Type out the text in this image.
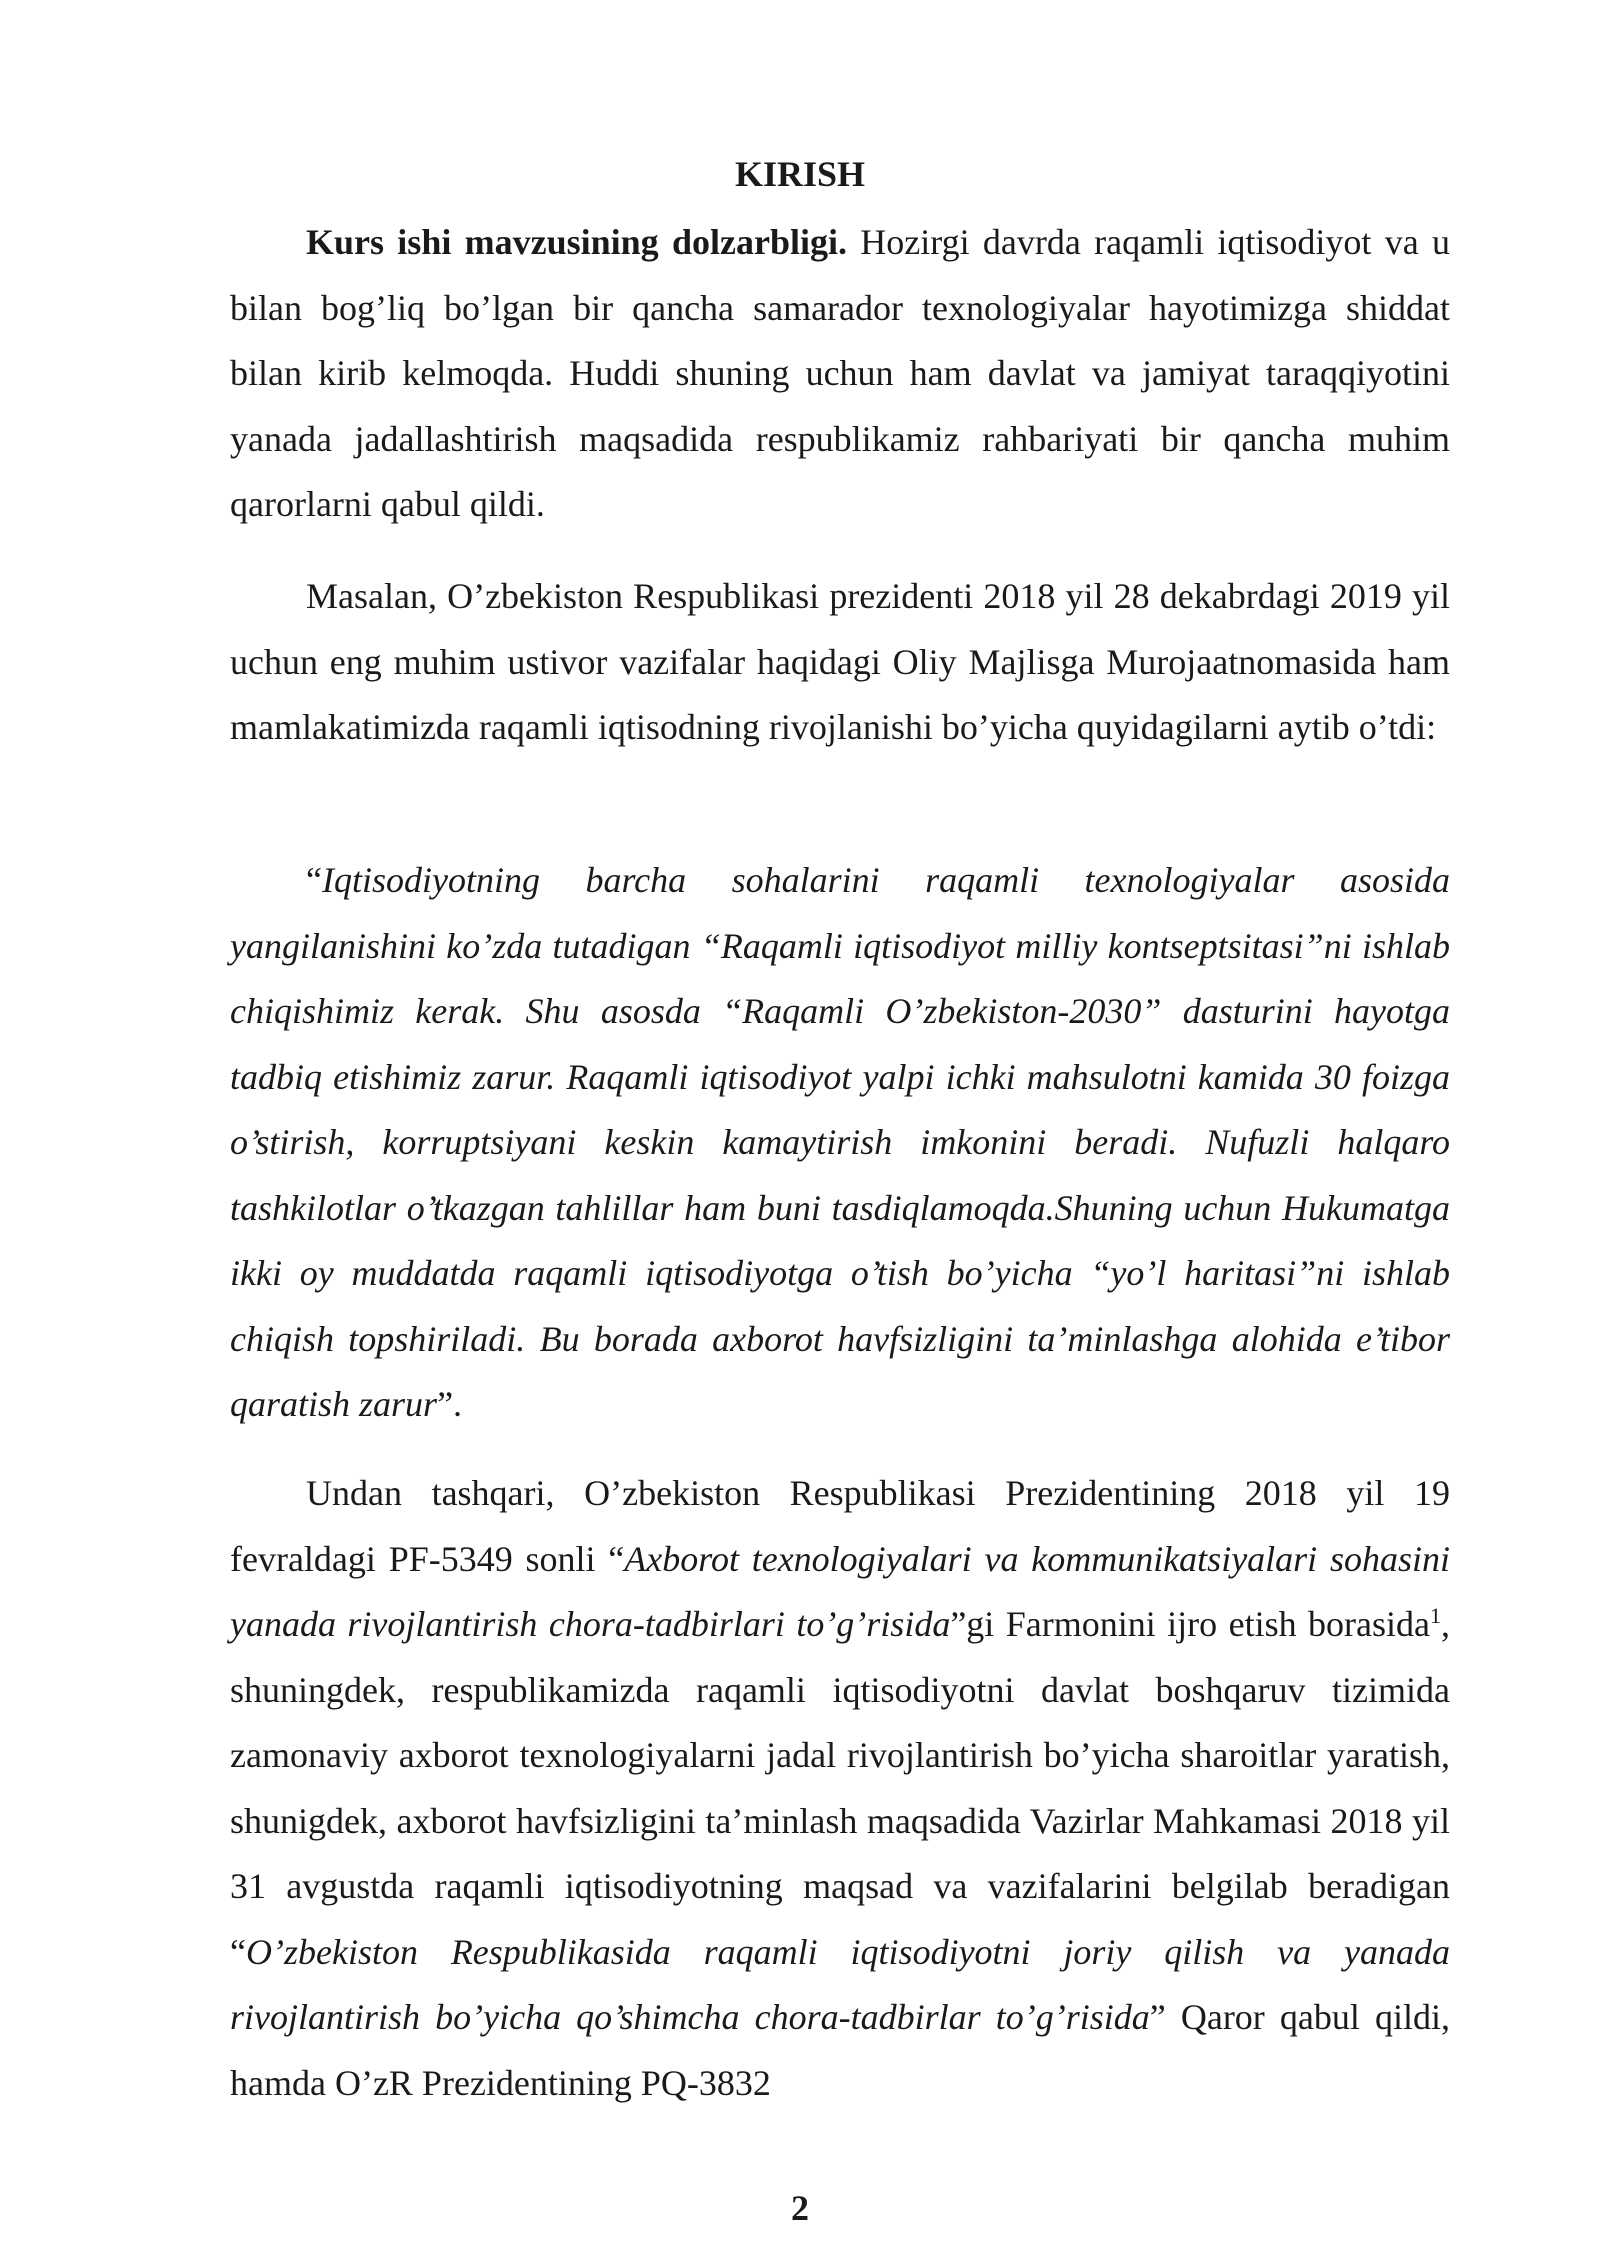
KIRISH

Kurs ishi mavzusining dolzarbligi. Hozirgi davrda raqamli iqtisodiyot va u bilan bog’liq bo’lgan bir qancha samarador texnologiyalar hayotimizga shiddat bilan kirib kelmoqda. Huddi shuning uchun ham davlat va jamiyat taraqqiyotini yanada jadallashtirish maqsadida respublikamiz rahbariyati bir qancha muhim qarorlarni qabul qildi.

Masalan, O’zbekiston Respublikasi prezidenti 2018 yil 28 dekabrdagi 2019 yil uchun eng muhim ustivor vazifalar haqidagi Oliy Majlisga Murojaatnomasida ham mamlakatimizda raqamli iqtisodning rivojlanishi bo’yicha quyidagilarni aytib o’tdi:

“Iqtisodiyotning barcha sohalarini raqamli texnologiyalar asosida yangilanishini ko’zda tutadigan “Raqamli iqtisodiyot milliy kontseptsitasi”ni ishlab chiqishimiz kerak. Shu asosda “Raqamli O’zbekiston-2030” dasturini hayotga tadbiq etishimiz zarur. Raqamli iqtisodiyot yalpi ichki mahsulotni kamida 30 foizga o’stirish, korruptsiyani keskin kamaytirish imkonini beradi. Nufuzli halqaro tashkilotlar o’tkazgan tahlillar ham buni tasdiqlamoqda.Shuning uchun Hukumatga ikki oy muddatda raqamli iqtisodiyotga o’tish bo’yicha “yo’l haritasi”ni ishlab chiqish topshiriladi. Bu borada axborot havfsizligini ta’minlashga alohida e’tibor qaratish zarur”.

Undan tashqari, O’zbekiston Respublikasi Prezidentining 2018 yil 19 fevraldagi PF-5349 sonli “Axborot texnologiyalari va kommunikatsiyalari sohasini yanada rivojlantirish chora-tadbirlari to’g’risida”gi Farmonini ijro etish borasida$^1$, shuningdek, respublikamizda raqamli iqtisodiyotni davlat boshqaruv tizimida zamonaviy axborot texnologiyalarni jadal rivojlantirish bo’yicha sharoitlar yaratish, shunigdek, axborot havfsizligini ta’minlash maqsadida Vazirlar Mahkamasi 2018 yil 31 avgustda raqamli iqtisodiyotning maqsad va vazifalarini belgilab beradigan “O’zbekiston Respublikasida raqamli iqtisodiyotni joriy qilish va yanada rivojlantirish bo’yicha qo’shimcha chora-tadbirlar to’g’risida” Qaror qabul qildi, hamda O’zR Prezidentining PQ-3832

2
